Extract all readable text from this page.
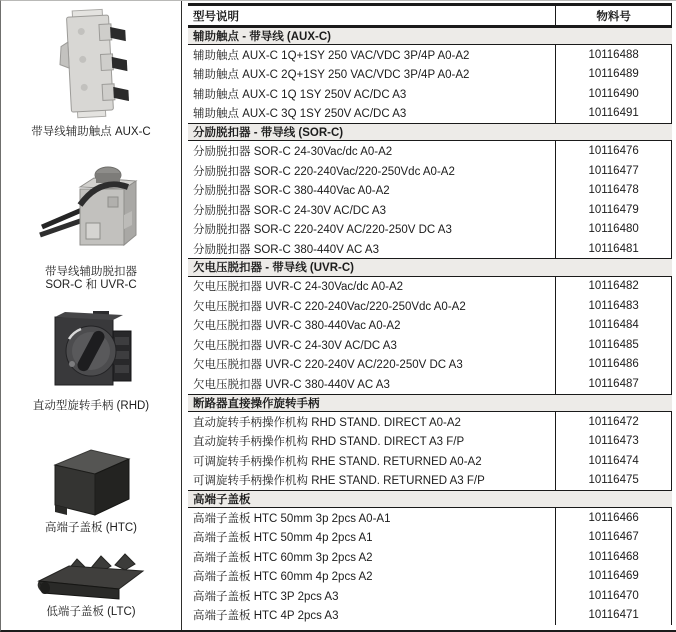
带导线辅助触点 AUX-C
带导线辅助脱扣器
SOR-C 和 UVR-C
直动型旋转手柄 (RHD)
高端子盖板 (HTC)
低端子盖板 (LTC)
型号说明	物料号
辅助触点 - 带导线 (AUX-C)
辅助触点 AUX-C 1Q+1SY 250 VAC/VDC 3P/4P A0-A2	10116488
辅助触点 AUX-C 2Q+1SY 250 VAC/VDC 3P/4P A0-A2	10116489
辅助触点 AUX-C 1Q 1SY 250V AC/DC A3	10116490
辅助触点 AUX-C 3Q 1SY 250V AC/DC A3	10116491
分励脱扣器 - 带导线 (SOR-C)
分励脱扣器 SOR-C 24-30Vac/dc A0-A2	10116476
分励脱扣器 SOR-C 220-240Vac/220-250Vdc A0-A2	10116477
分励脱扣器 SOR-C 380-440Vac A0-A2	10116478
分励脱扣器 SOR-C 24-30V AC/DC A3	10116479
分励脱扣器 SOR-C 220-240V AC/220-250V DC A3	10116480
分励脱扣器 SOR-C 380-440V AC A3	10116481
欠电压脱扣器 - 带导线 (UVR-C)
欠电压脱扣器 UVR-C 24-30Vac/dc A0-A2	10116482
欠电压脱扣器 UVR-C 220-240Vac/220-250Vdc A0-A2	10116483
欠电压脱扣器 UVR-C 380-440Vac A0-A2	10116484
欠电压脱扣器 UVR-C 24-30V AC/DC A3	10116485
欠电压脱扣器 UVR-C 220-240V AC/220-250V DC A3	10116486
欠电压脱扣器 UVR-C 380-440V AC A3	10116487
断路器直接操作旋转手柄
直动旋转手柄操作机构 RHD STAND. DIRECT A0-A2	10116472
直动旋转手柄操作机构 RHD STAND. DIRECT A3 F/P	10116473
可调旋转手柄操作机构 RHE STAND. RETURNED A0-A2	10116474
可调旋转手柄操作机构 RHE STAND. RETURNED A3 F/P	10116475
高端子盖板
高端子盖板 HTC 50mm 3p 2pcs A0-A1	10116466
高端子盖板 HTC 50mm 4p 2pcs A1	10116467
高端子盖板 HTC 60mm 3p 2pcs A2	10116468
高端子盖板 HTC 60mm 4p 2pcs A2	10116469
高端子盖板 HTC 3P 2pcs A3	10116470
高端子盖板 HTC 4P 2pcs A3	10116471
